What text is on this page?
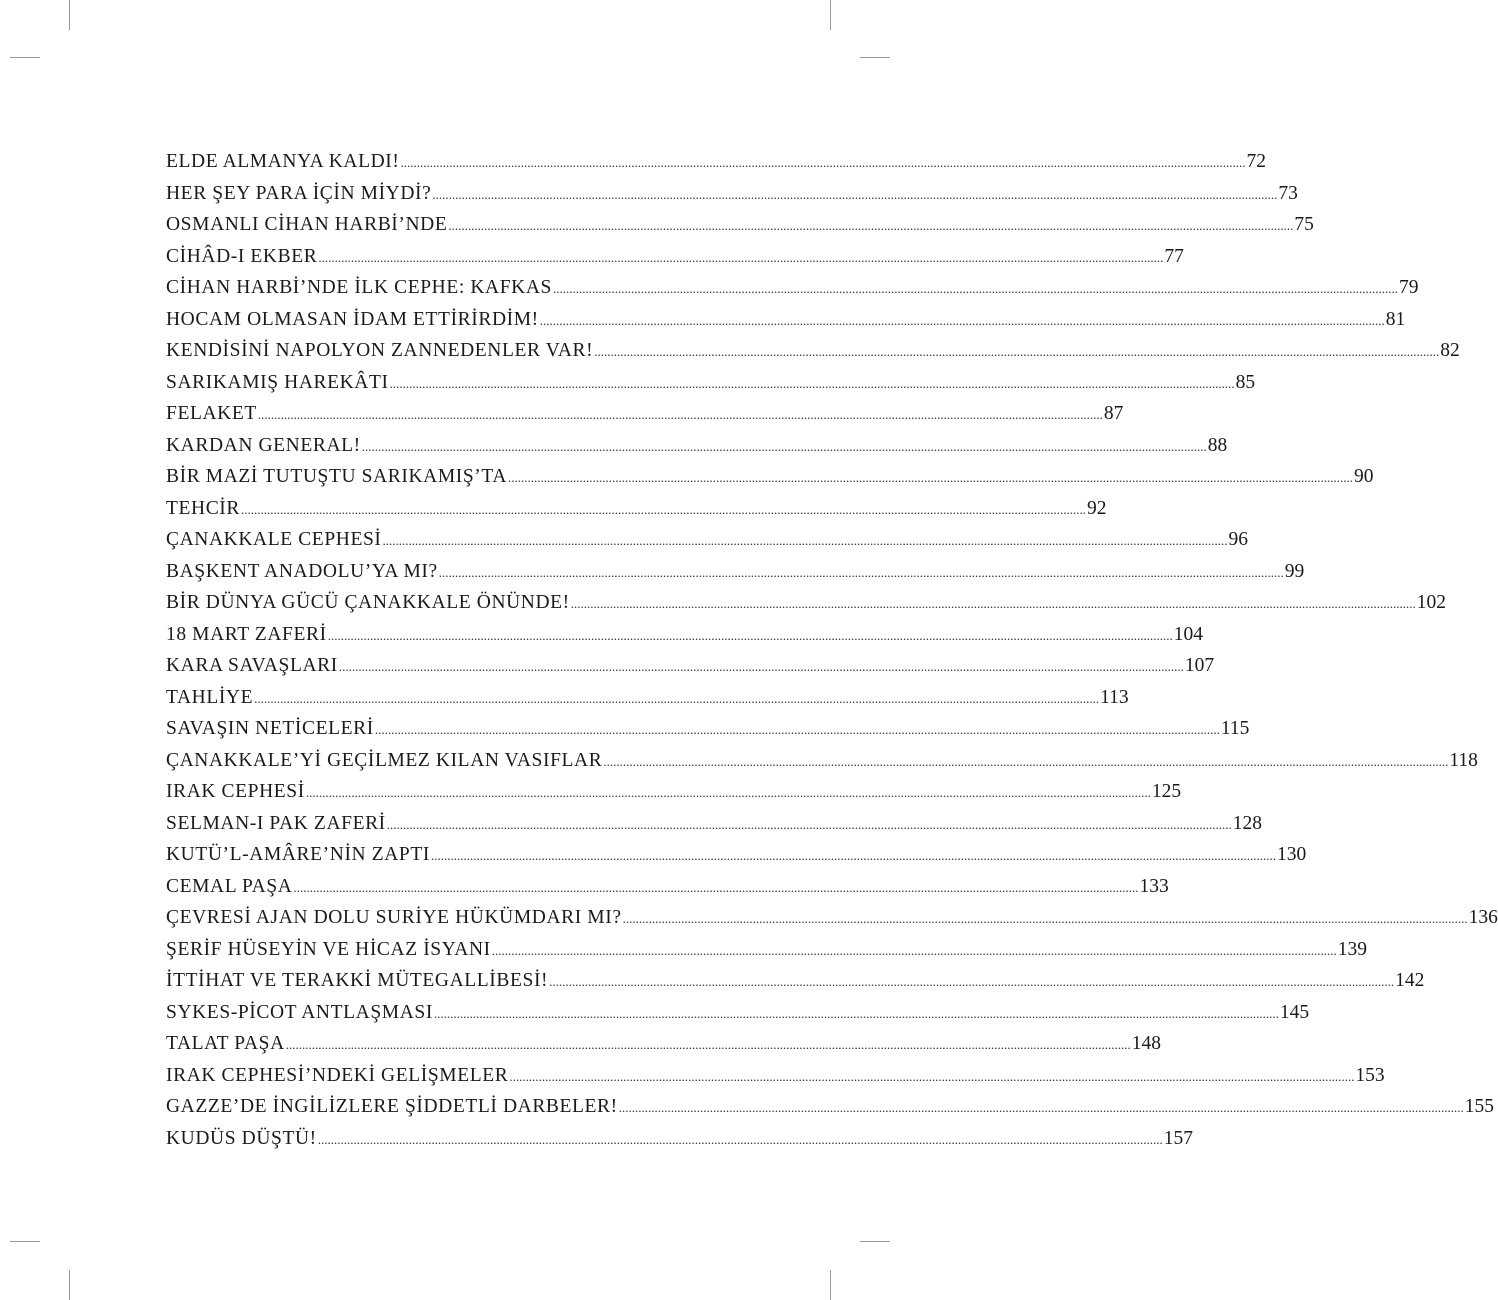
ELDE ALMANYA KALDI! .................................................................................................................................................................................................................................................................... 72
HER ŞEY PARA İÇİN MİYDİ? .................................................................................................................................................................................................................................................................... 73
OSMANLI CİHAN HARBİ’NDE .................................................................................................................................................................................................................................................................... 75
CİHÂD-I EKBER .................................................................................................................................................................................................................................................................... 77
CİHAN HARBİ’NDE İLK CEPHE: KAFKAS .................................................................................................................................................................................................................................................................... 79
HOCAM OLMASAN İDAM ETTİRİRDİM! .................................................................................................................................................................................................................................................................... 81
KENDİSİNİ NAPOLYON ZANNEDENLER VAR! .................................................................................................................................................................................................................................................................... 82
SARIKAMIŞ HAREKÂTI .................................................................................................................................................................................................................................................................... 85
FELAKET .................................................................................................................................................................................................................................................................... 87
KARDAN GENERAL! .................................................................................................................................................................................................................................................................... 88
BİR MAZİ TUTUŞTU SARIKAMIŞ’TA .................................................................................................................................................................................................................................................................... 90
TEHCİR .................................................................................................................................................................................................................................................................... 92
ÇANAKKALE CEPHESİ .................................................................................................................................................................................................................................................................... 96
BAŞKENT ANADOLU’YA MI? .................................................................................................................................................................................................................................................................... 99
BİR DÜNYA GÜCÜ ÇANAKKALE ÖNÜNDE! .................................................................................................................................................................................................................................................................... 102
18 MART ZAFERİ .................................................................................................................................................................................................................................................................... 104
KARA SAVAŞLARI .................................................................................................................................................................................................................................................................... 107
TAHLİYE .................................................................................................................................................................................................................................................................... 113
SAVAŞIN NETİCELERİ .................................................................................................................................................................................................................................................................... 115
ÇANAKKALE’Yİ GEÇİLMEZ KILAN VASIFLAR .................................................................................................................................................................................................................................................................... 118
IRAK CEPHESİ .................................................................................................................................................................................................................................................................... 125
SELMAN-I PAK ZAFERİ .................................................................................................................................................................................................................................................................... 128
KUTÜ’L-AMÂRE’NİN ZAPTI .................................................................................................................................................................................................................................................................... 130
CEMAL PAŞA .................................................................................................................................................................................................................................................................... 133
ÇEVRESİ AJAN DOLU SURİYE HÜKÜMDARI MI? .................................................................................................................................................................................................................................................................... 136
ŞERİF HÜSEYİN VE HİCAZ İSYANI .................................................................................................................................................................................................................................................................... 139
İTTİHAT VE TERAKKİ MÜTEGALLİBESİ! .................................................................................................................................................................................................................................................................... 142
SYKES-PİCOT ANTLAŞMASI .................................................................................................................................................................................................................................................................... 145
TALAT PAŞA .................................................................................................................................................................................................................................................................... 148
IRAK CEPHESİ’NDEKİ GELİŞMELER .................................................................................................................................................................................................................................................................... 153
GAZZE’DE İNGİLİZLERE ŞİDDETLİ DARBELER! .................................................................................................................................................................................................................................................................... 155
KUDÜS DÜŞTÜ! .................................................................................................................................................................................................................................................................... 157
